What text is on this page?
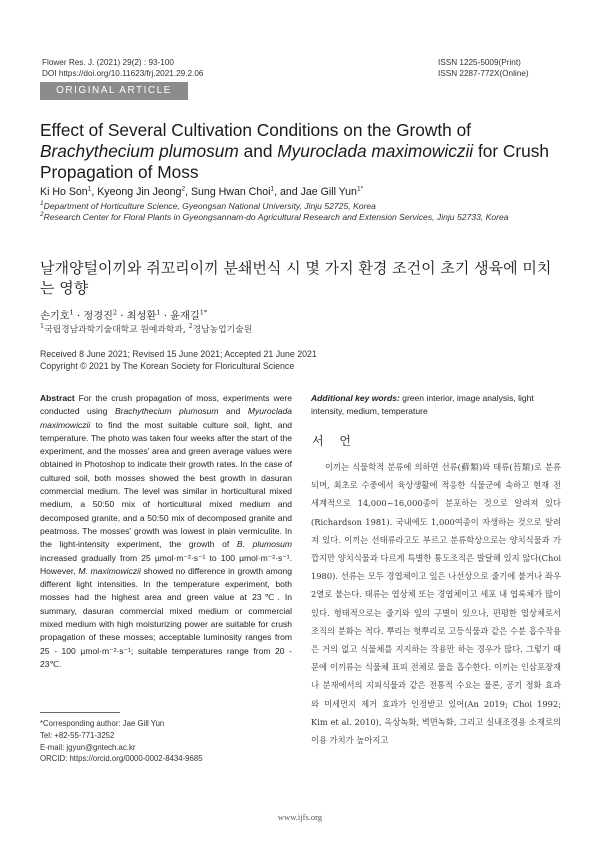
Flower Res. J. (2021) 29(2) : 93-100
DOI https://doi.org/10.11623/frj.2021.29.2.06
ISSN 1225-5009(Print)
ISSN 2287-772X(Online)
ORIGINAL ARTICLE
Effect of Several Cultivation Conditions on the Growth of Brachythecium plumosum and Myuroclada maximowiczii for Crush Propagation of Moss
Ki Ho Son$^1$, Kyeong Jin Jeong$^2$, Sung Hwan Choi$^1$, and Jae Gill Yun$^{1*}$
$^1$Department of Horticulture Science, Gyeongsan National University, Jinju 52725, Korea
$^2$Research Center for Floral Plants in Gyeongsannam-do Agricultural Research and Extension Services, Jinju 52733, Korea
날개양털이끼와 쥐꼬리이끼 분쇄번식 시 몇 가지 환경 조건이 초기 생육에 미치는 영향
손기호$^1$ · 정경진$^2$ · 최성환$^1$ · 윤재길$^{1*}$
$^1$국립경남과학기술대학교 원예과학과, $^2$경남농업기술원
Received 8 June 2021; Revised 15 June 2021; Accepted 21 June 2021
Copyright © 2021 by The Korean Society for Floricultural Science
Abstract For the crush propagation of moss, experiments were conducted using Brachythecium plumosum and Myuroclada maximowiczii to find the most suitable culture soil, light, and temperature. The photo was taken four weeks after the start of the experiment, and the mosses' area and green average values were obtained in Photoshop to indicate their growth rates. In the case of cultured soil, both mosses showed the best growth in dasuran commercial medium. The level was similar in horticultural mixed medium, a 50:50 mix of horticultural mixed medium and decomposed granite, and a 50:50 mix of decomposed granite and peatmoss. The mosses' growth was lowest in plain vermiculite. In the light-intensity experiment, the growth of B. plumosum increased gradually from 25 µmol·m⁻²·s⁻¹ to 100 µmol·m⁻²·s⁻¹. However, M. maximowiczii showed no difference in growth among different light intensities. In the temperature experiment, both mosses had the highest area and green value at 23℃. In summary, dasuran commercial mixed medium or commercial mixed medium with high moisturizing power are suitable for crush propagation of these mosses; acceptable luminosity ranges from 25 - 100 µmol·m⁻²·s⁻¹; suitable temperatures range from 20 - 23℃.
*Corresponding author: Jae Gill Yun
Tel: +82-55-771-3252
E-mail: jgyun@gntech.ac.kr
ORCID: https://orcid.org/0000-0002-8434-9685
Additional key words: green interior, image analysis, light intensity, medium, temperature
서 언

이끼는 식물학적 분류에 의하면 선류(蘚類)와 태류(苔類)로 분류되며, 최초로 수중에서 육상생활에 적응한 식물군에 속하고 현재 전 세계적으로 14,000~16,000종이 분포하는 것으로 알려져 있다(Richardson 1981). 국내에도 1,000여종이 자생하는 것으로 알려져 있다. 이끼는 선태류라고도 부르고 분류학상으로는 양치식물과 가깝지만 양치식물과 다르게 특별한 통도조직은 발달해 있지 않다(Choi 1980). 선류는 모두 경엽체이고 잎은 나선상으로 줄기에 붙거나 좌우 2열로 붙는다. 태류는 엽상체 또는 경엽체이고 세포 내 엽록체가 많이 있다. 형태적으로는 줄기와 잎의 구별이 있으나, 편평한 엽상체로서 조직의 분화는 적다. 뿌리는 헛뿌리로 고등식물과 같은 수분 흡수작용은 거의 없고 식물체를 지지하는 작용만 하는 경우가 많다. 그렇기 때문에 이끼류는 식물체 표피 전체로 물을 흡수한다. 이끼는 인삼포장재나 분재에서의 지피식물과 같은 전통적 수요는 물론, 공기 정화 효과와 미세먼지 제거 효과가 인정받고 있어(An 2019; Choi 1992; Kim et al. 2010), 옥상녹화, 벽면녹화, 그리고 실내조경용 소재로의 이용 가치가 높아지고

www.ijfs.org
